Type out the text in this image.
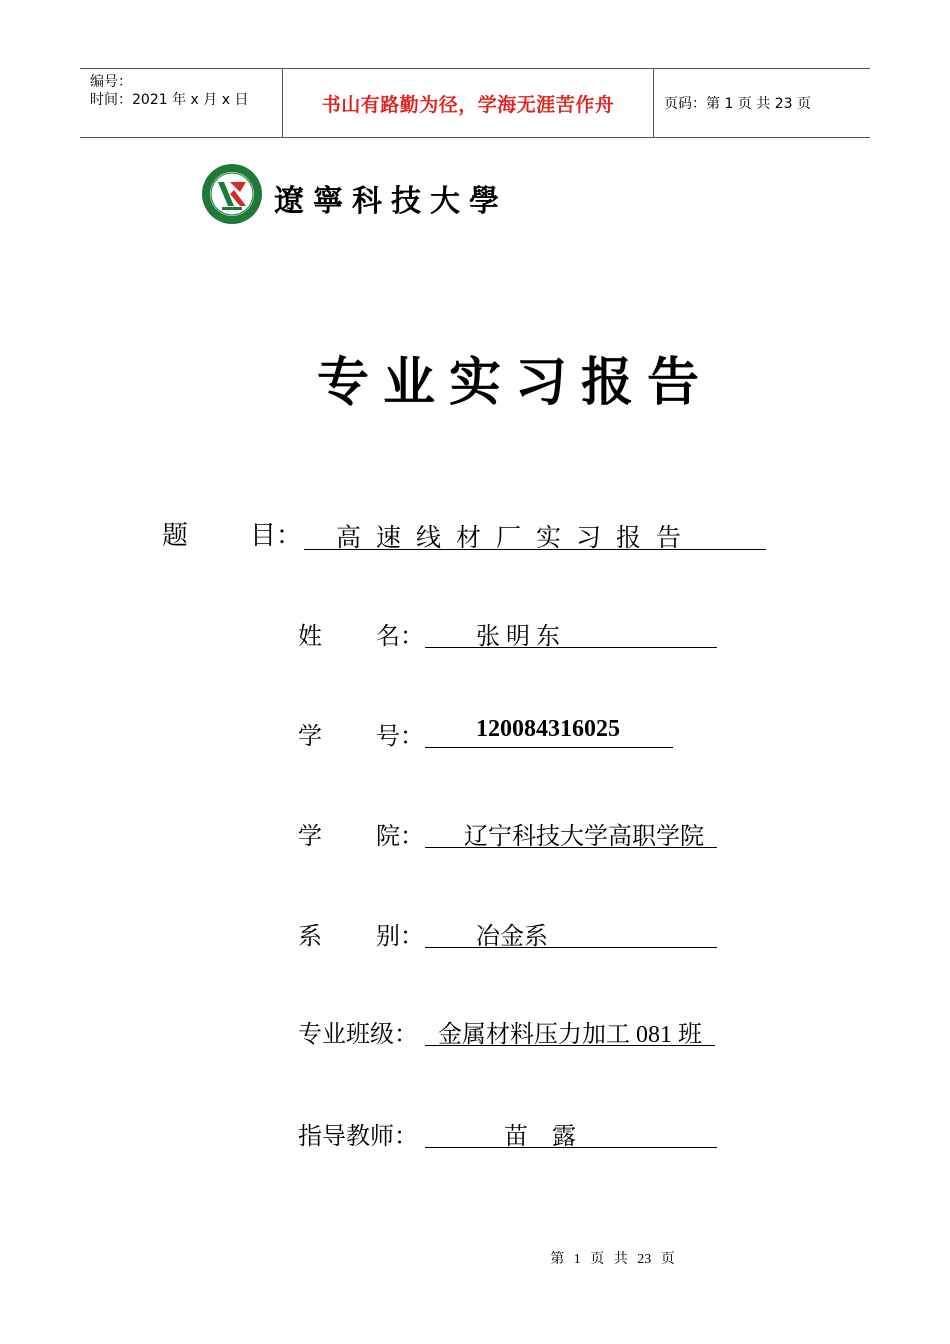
编号：
时间：2021 年 x 月 x 日	书山有路勤为径，学海无涯苦作舟	页码：第 1 页 共 23 页
遼寧科技大學
专业实习报告
题	目： 高速线材厂实习报告
姓 名： 张 明 东
学 号： 120084316025
学 院： 辽宁科技大学高职学院
系 别： 冶金系
专业班级： 金属材料压力加工 081 班
指导教师：	苗    露
第 1 页 共 23 页
